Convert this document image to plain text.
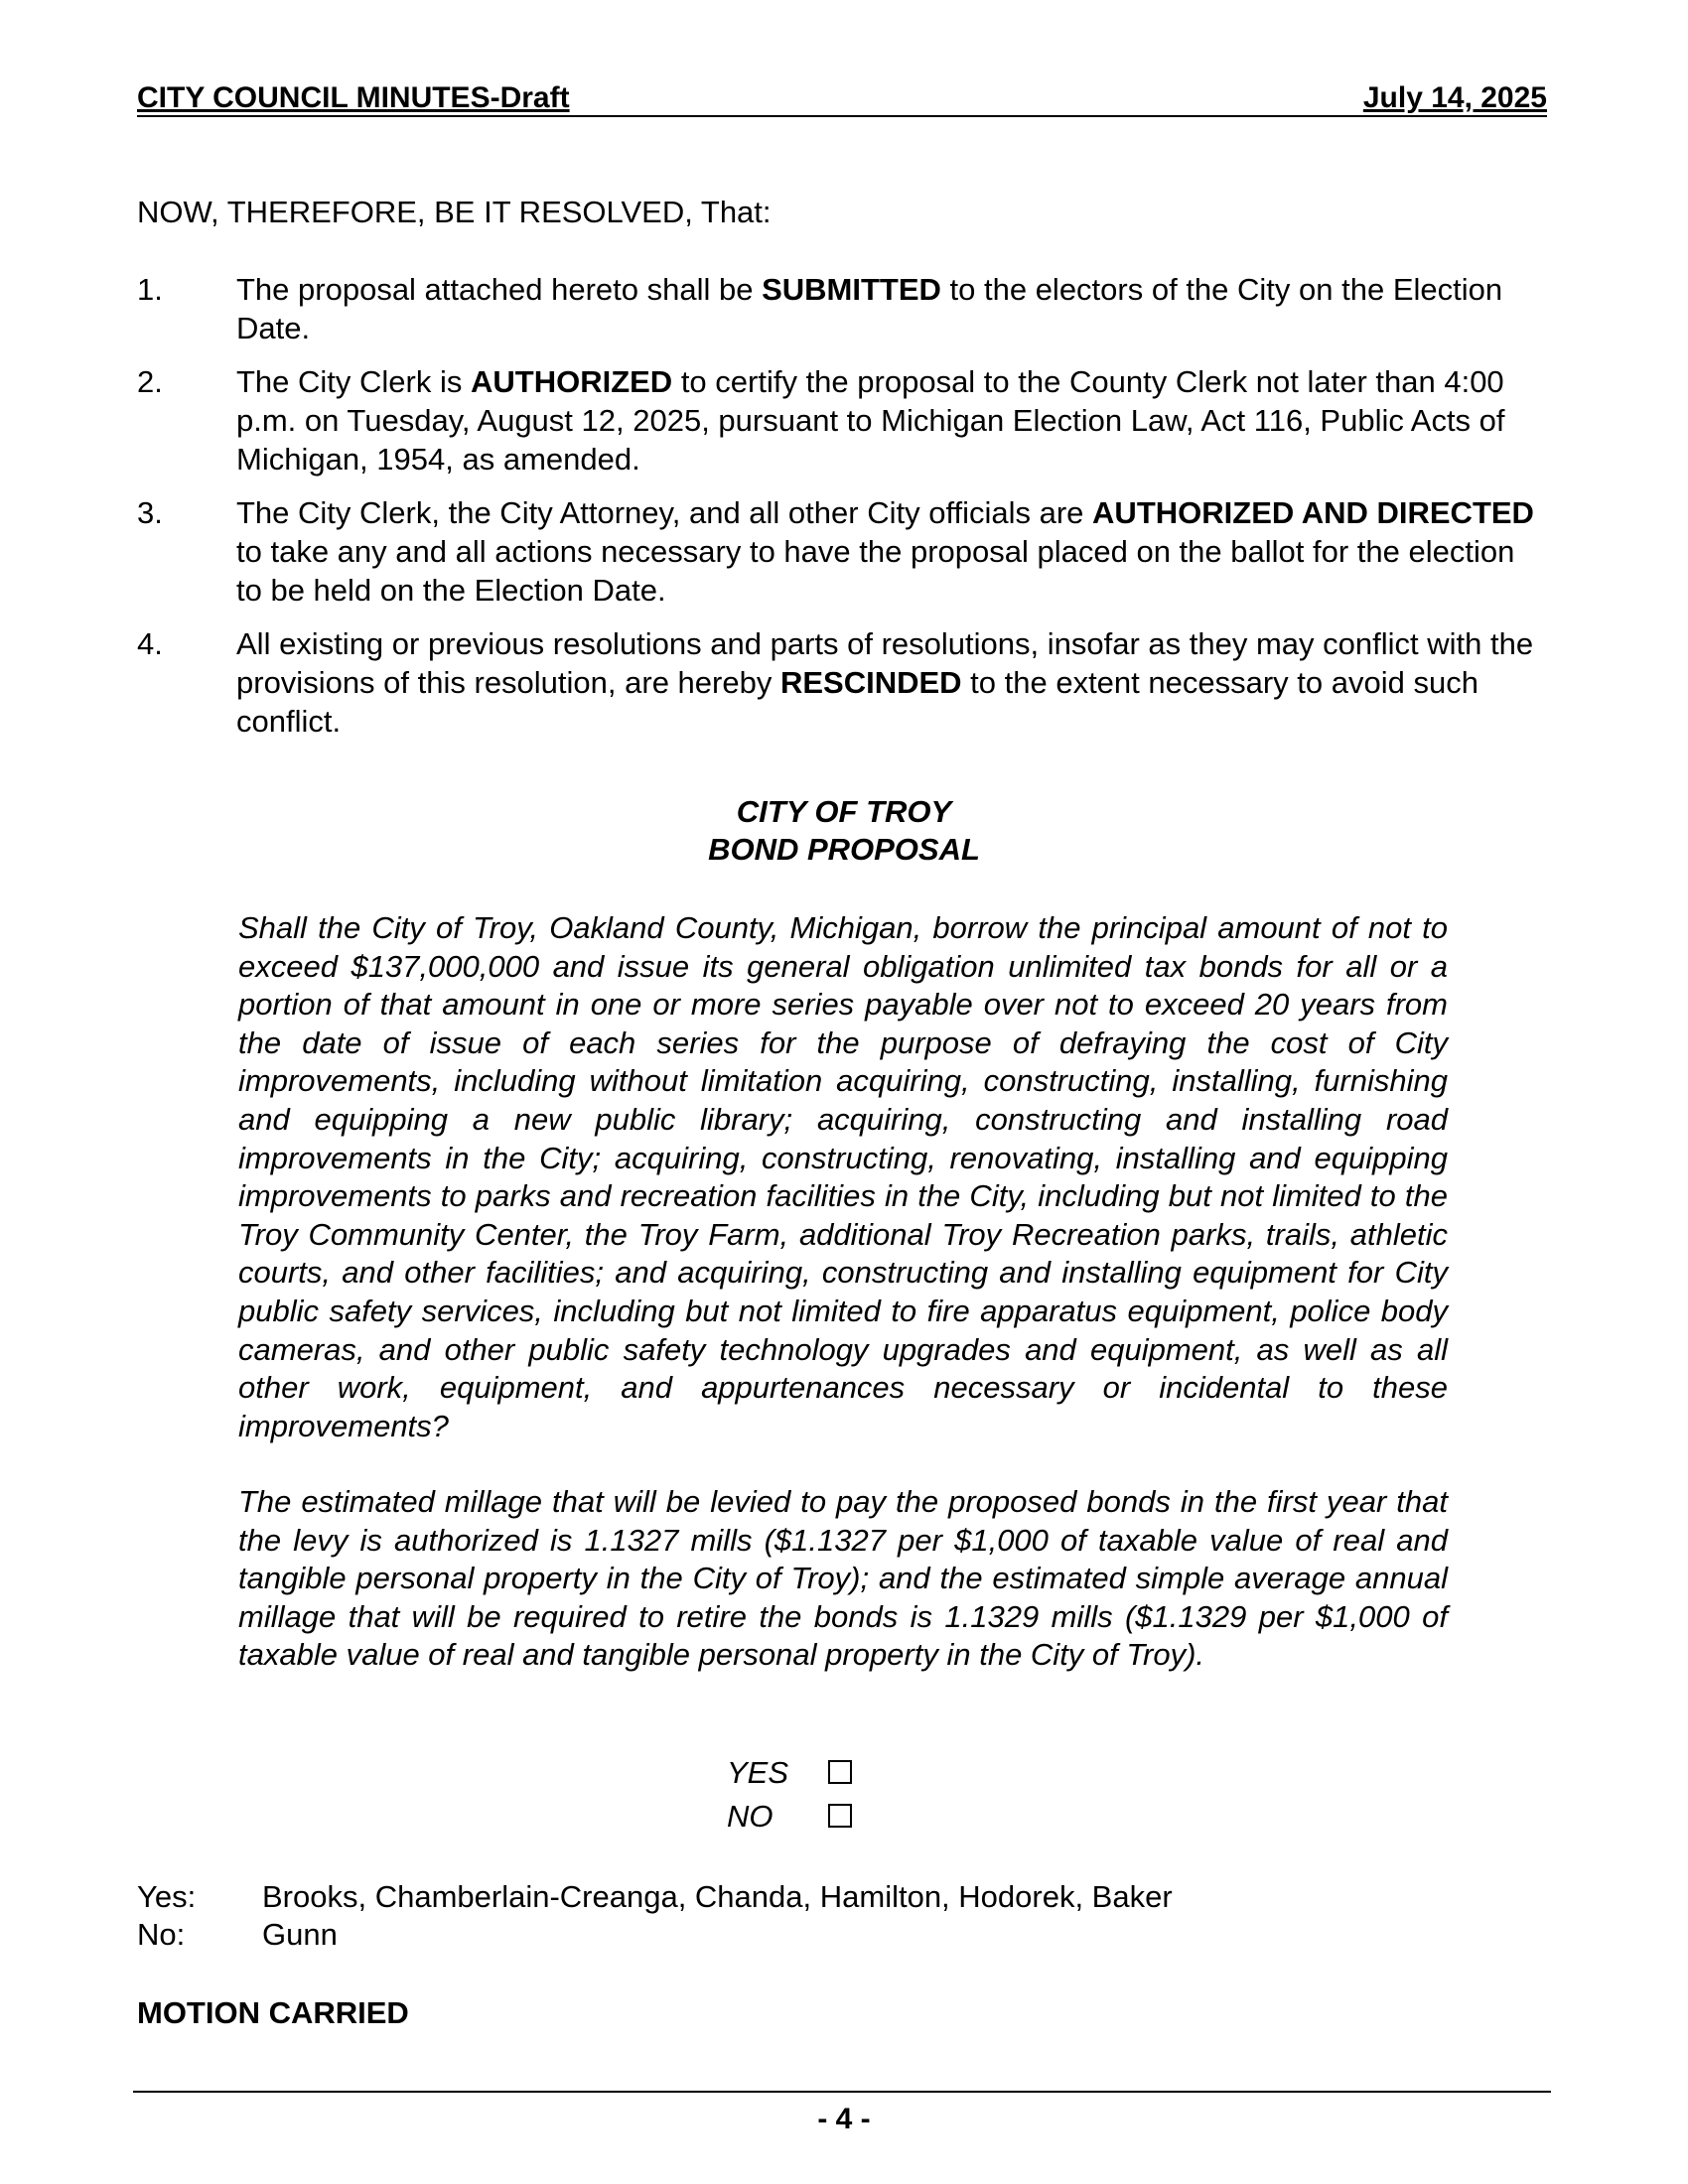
CITY COUNCIL MINUTES-Draft	July 14, 2025
NOW, THEREFORE, BE IT RESOLVED, That:
1.	The proposal attached hereto shall be SUBMITTED to the electors of the City on the Election Date.
2.	The City Clerk is AUTHORIZED to certify the proposal to the County Clerk not later than 4:00 p.m. on Tuesday, August 12, 2025, pursuant to Michigan Election Law, Act 116, Public Acts of Michigan, 1954, as amended.
3.	The City Clerk, the City Attorney, and all other City officials are AUTHORIZED AND DIRECTED to take any and all actions necessary to have the proposal placed on the ballot for the election to be held on the Election Date.
4.	All existing or previous resolutions and parts of resolutions, insofar as they may conflict with the provisions of this resolution, are hereby RESCINDED to the extent necessary to avoid such conflict.
CITY OF TROY
BOND PROPOSAL
Shall the City of Troy, Oakland County, Michigan, borrow the principal amount of not to exceed $137,000,000 and issue its general obligation unlimited tax bonds for all or a portion of that amount in one or more series payable over not to exceed 20 years from the date of issue of each series for the purpose of defraying the cost of City improvements, including without limitation acquiring, constructing, installing, furnishing and equipping a new public library; acquiring, constructing and installing road improvements in the City; acquiring, constructing, renovating, installing and equipping improvements to parks and recreation facilities in the City, including but not limited to the Troy Community Center, the Troy Farm, additional Troy Recreation parks, trails, athletic courts, and other facilities; and acquiring, constructing and installing equipment for City public safety services, including but not limited to fire apparatus equipment, police body cameras, and other public safety technology upgrades and equipment, as well as all other work, equipment, and appurtenances necessary or incidental to these improvements?
The estimated millage that will be levied to pay the proposed bonds in the first year that the levy is authorized is 1.1327 mills ($1.1327 per $1,000 of taxable value of real and tangible personal property in the City of Troy); and the estimated simple average annual millage that will be required to retire the bonds is 1.1329 mills ($1.1329 per $1,000 of taxable value of real and tangible personal property in the City of Troy).
YES
NO
Yes: Brooks, Chamberlain-Creanga, Chanda, Hamilton, Hodorek, Baker
No:	Gunn
MOTION CARRIED
- 4 -
